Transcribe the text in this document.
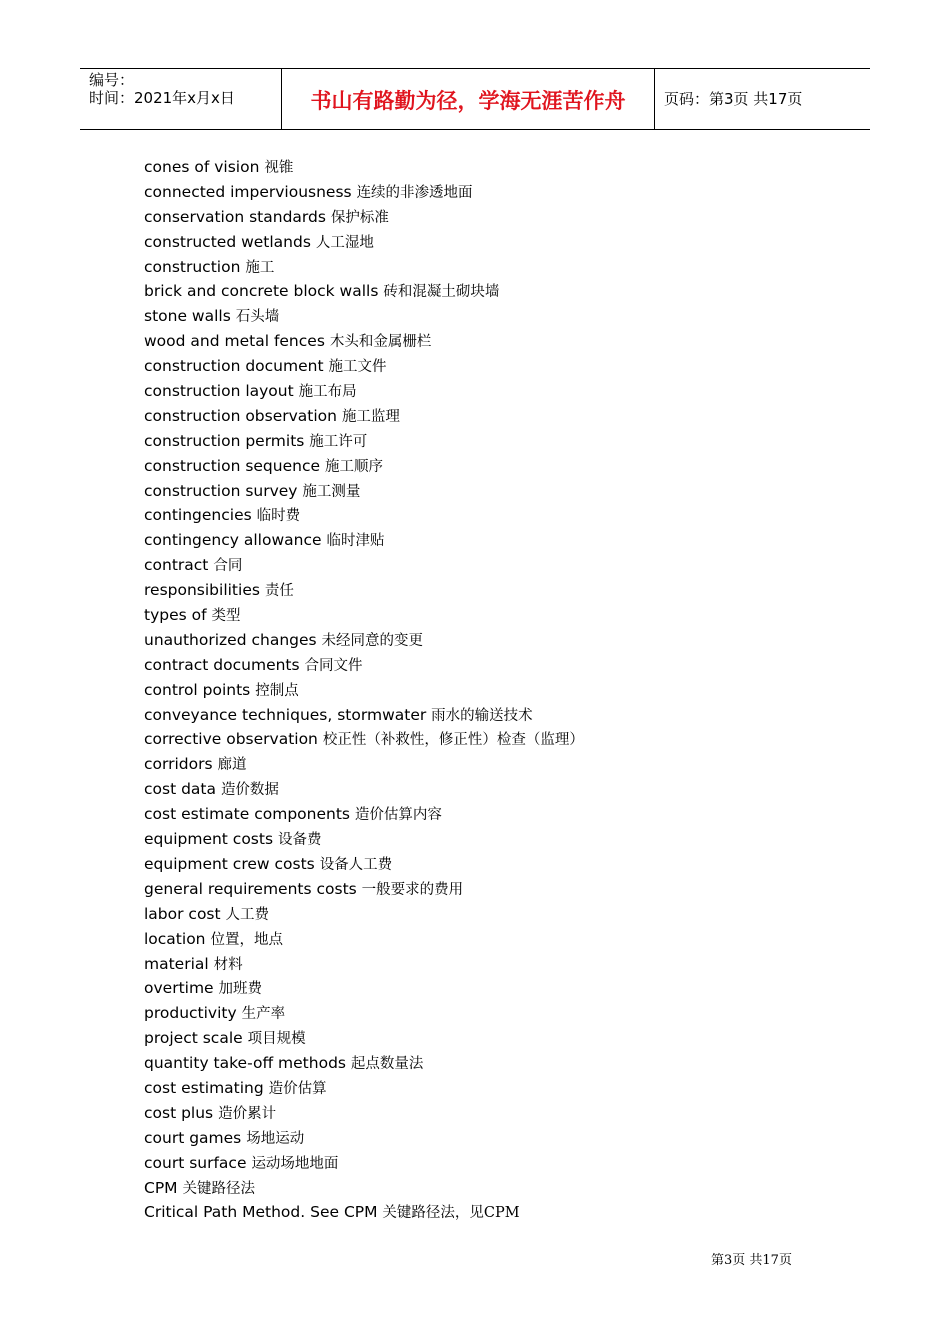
编号：
时间：2021年x月x日	书山有路勤为径，学海无涯苦作舟	页码：第3页 共17页
cones of vision 视锥
connected imperviousness 连续的非渗透地面
conservation standards 保护标准
constructed wetlands 人工湿地
construction 施工
brick and concrete block walls 砖和混凝土砌块墙
stone walls 石头墙
wood and metal fences 木头和金属栅栏
construction document 施工文件
construction layout 施工布局
construction observation 施工监理
construction permits 施工许可
construction sequence 施工顺序
construction survey 施工测量
contingencies 临时费
contingency allowance 临时津贴
contract 合同
responsibilities 责任
types of 类型
unauthorized changes 未经同意的变更
contract documents 合同文件
control points 控制点
conveyance techniques, stormwater 雨水的输送技术
corrective observation 校正性（补救性，修正性）检查（监理）
corridors 廊道
cost data 造价数据
cost estimate components 造价估算内容
equipment costs 设备费
equipment crew costs 设备人工费
general requirements costs 一般要求的费用
labor cost 人工费
location 位置，地点
material 材料
overtime 加班费
productivity 生产率
project scale 项目规模
quantity take-off methods 起点数量法
cost estimating 造价估算
cost plus 造价累计
court games 场地运动
court surface 运动场地地面
CPM 关键路径法
Critical Path Method. See CPM 关键路径法，见CPM
第3页 共17页
